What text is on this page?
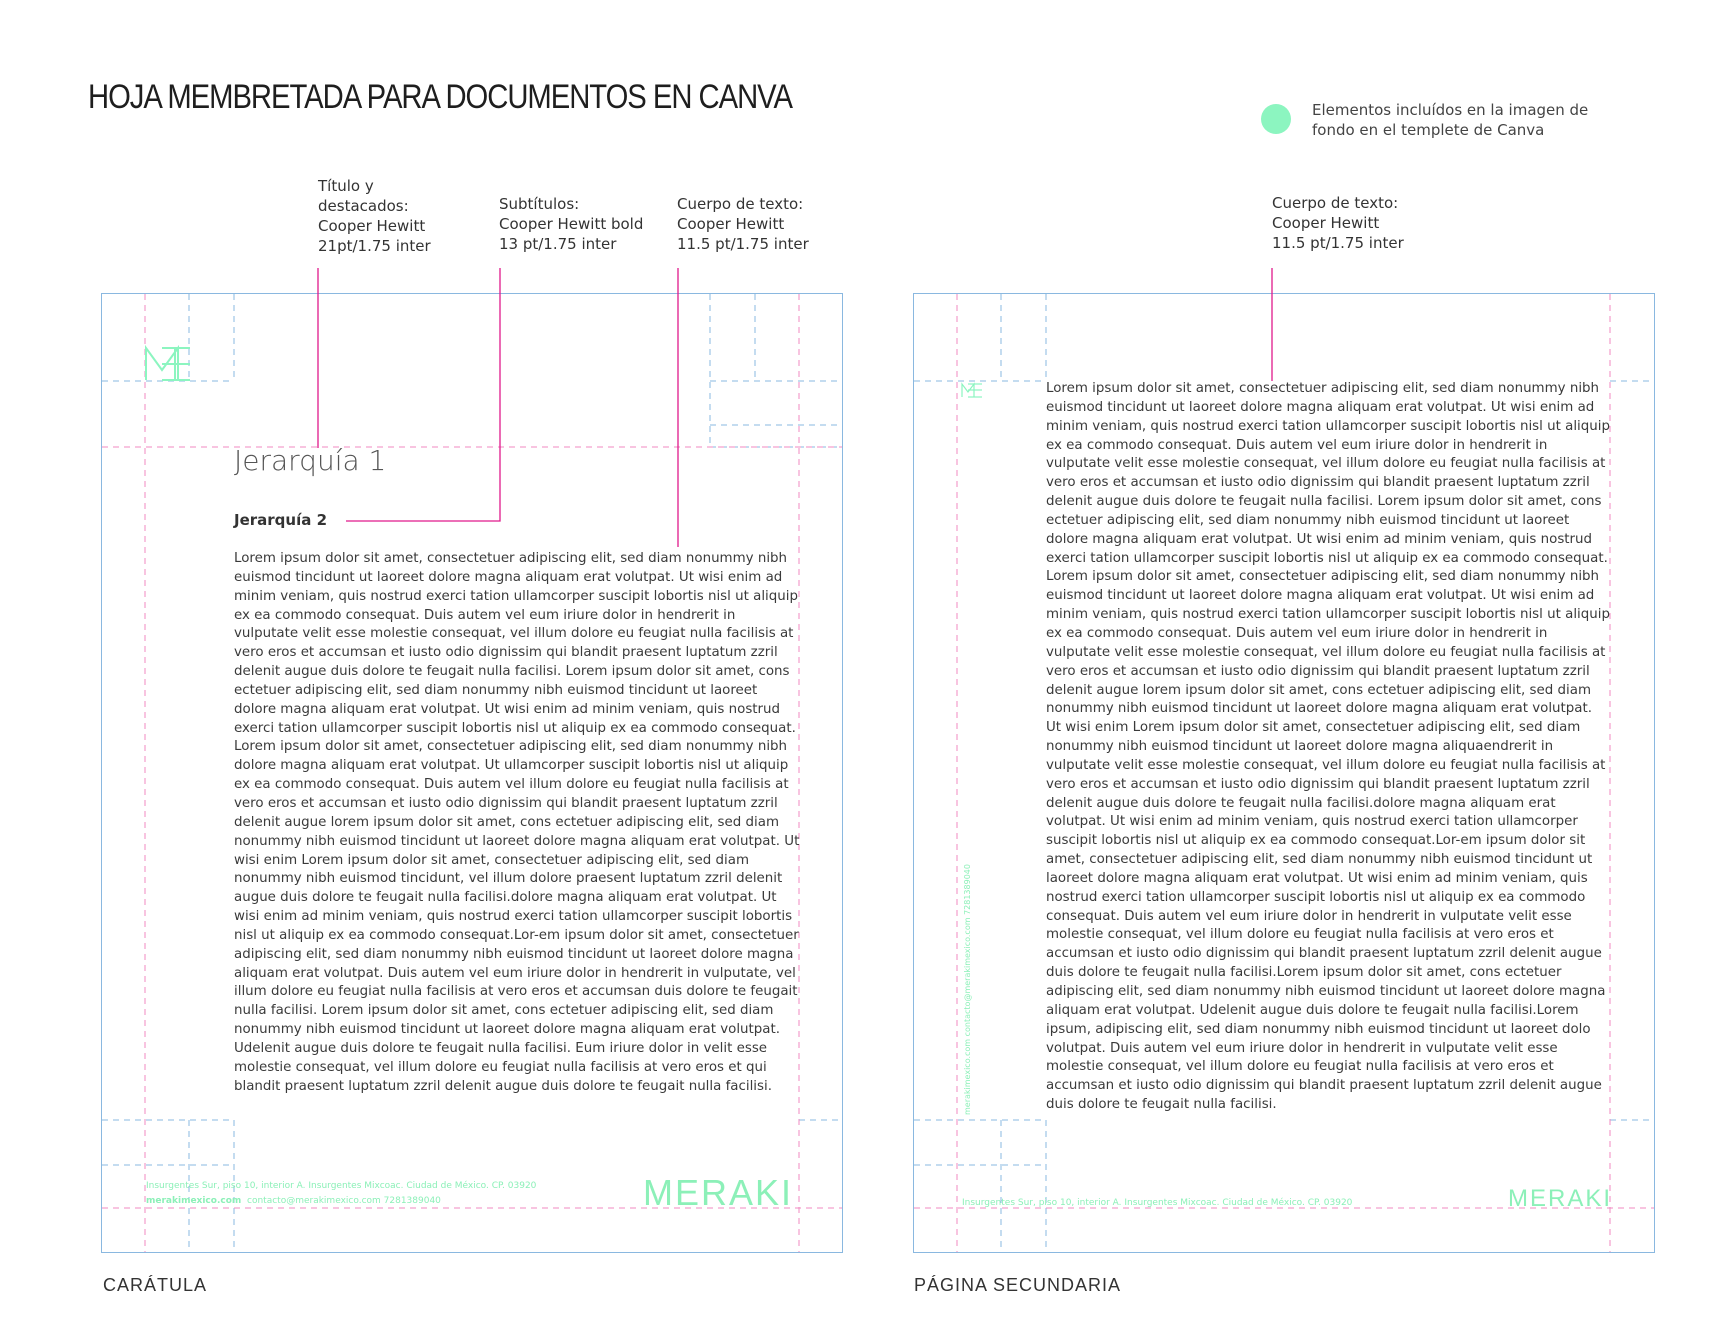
HOJA MEMBRETADA PARA DOCUMENTOS EN CANVA	Elementos incluídos en la imagen de fondo en el templete de Canva
Título y
destacados:
Cooper Hewitt
21pt/1.75 inter
Subtítulos:
Cooper Hewitt bold
13 pt/1.75 inter
Cuerpo de texto:
Cooper Hewitt
11.5 pt/1.75 inter
Cuerpo de texto:
Cooper Hewitt
11.5 pt/1.75 inter
Jerarquía 1
Jerarquía 2
Lorem ipsum dolor sit amet, consectetuer adipiscing elit, sed diam nonummy nibh euismod tincidunt ut laoreet dolore magna aliquam erat volutpat. Ut wisi enim ad minim veniam, quis nostrud exerci tation ullamcorper suscipit lobortis nisl ut aliquip ex ea commodo consequat. Duis autem vel eum iriure dolor in hendrerit in vulputate velit esse molestie consequat, vel illum dolore eu feugiat nulla facilisis at vero eros et accumsan et iusto odio dignissim qui blandit praesent luptatum zzril delenit augue duis dolore te feugait nulla facilisi. Lorem ipsum dolor sit amet, cons ectetuer adipiscing elit, sed diam nonummy nibh euismod tincidunt ut laoreet dolore magna aliquam erat volutpat. Ut wisi enim ad minim veniam, quis nostrud exerci tation ullamcorper suscipit lobortis nisl ut aliquip ex ea commodo consequat. Lorem ipsum dolor sit amet, consectetuer adipiscing elit, sed diam nonummy nibh dolore magna aliquam erat volutpat. Ut ullamcorper suscipit lobortis nisl ut aliquip ex ea commodo consequat. Duis autem vel illum dolore eu feugiat nulla facilisis at vero eros et accumsan et iusto odio dignissim qui blandit praesent luptatum zzril delenit augue lorem ipsum dolor sit amet, cons ectetuer adipiscing elit, sed diam nonummy nibh euismod tincidunt ut laoreet dolore magna aliquam erat volutpat. Ut wisi enim Lorem ipsum dolor sit amet, consectetuer adipiscing elit, sed diam nonummy nibh euismod tincidunt, vel illum dolore praesent luptatum zzril delenit augue duis dolore te feugait nulla facilisi.dolore magna aliquam erat volutpat. Ut wisi enim ad minim veniam, quis nostrud exerci tation ullamcorper suscipit lobortis nisl ut aliquip ex ea commodo consequat.Lor-em ipsum dolor sit amet, consectetuer adipiscing elit, sed diam nonummy nibh euismod tincidunt ut laoreet dolore magna aliquam erat volutpat. Duis autem vel eum iriure dolor in hendrerit in vulputate, vel illum dolore eu feugiat nulla facilisis at vero eros et accumsan duis dolore te feugait nulla facilisi. Lorem ipsum dolor sit amet, cons ectetuer adipiscing elit, sed diam nonummy nibh euismod tincidunt ut laoreet dolore magna aliquam erat volutpat. Udelenit augue duis dolore te feugait nulla facilisi. Eum iriure dolor in velit esse molestie consequat, vel illum dolore eu feugiat nulla facilisis at vero eros et qui blandit praesent luptatum zzril delenit augue duis dolore te feugait nulla facilisi.
Insurgentes Sur, piso 10, interior A. Insurgentes Mixcoac. Ciudad de México. CP. 03920
merakimexico.com contacto@merakimexico.com 7281389040	MERAKI
CARÁTULA
Lorem ipsum dolor sit amet, consectetuer adipiscing elit, sed diam nonummy nibh euismod tincidunt ut laoreet dolore magna aliquam erat volutpat. Ut wisi enim ad minim veniam, quis nostrud exerci tation ullamcorper suscipit lobortis nisl ut aliquip ex ea commodo consequat. Duis autem vel eum iriure dolor in hendrerit in vulputate velit esse molestie consequat, vel illum dolore eu feugiat nulla facilisis at vero eros et accumsan et iusto odio dignissim qui blandit praesent luptatum zzril delenit augue duis dolore te feugait nulla facilisi. Lorem ipsum dolor sit amet, cons ectetuer adipiscing elit, sed diam nonummy nibh euismod tincidunt ut laoreet dolore magna aliquam erat volutpat. Ut wisi enim ad minim veniam, quis nostrud exerci tation ullamcorper suscipit lobortis nisl ut aliquip ex ea commodo consequat. Lorem ipsum dolor sit amet, consectetuer adipiscing elit, sed diam nonummy nibh euismod tincidunt ut laoreet dolore magna aliquam erat volutpat. Ut wisi enim ad minim veniam, quis nostrud exerci tation ullamcorper suscipit lobortis nisl ut aliquip ex ea commodo consequat. Duis autem vel eum iriure dolor in hendrerit in vulputate velit esse molestie consequat, vel illum dolore eu feugiat nulla facilisis at vero eros et accumsan et iusto odio dignissim qui blandit praesent luptatum zzril delenit augue lorem ipsum dolor sit amet, cons ectetuer adipiscing elit, sed diam nonummy nibh euismod tincidunt ut laoreet dolore magna aliquam erat volutpat. Ut wisi enim Lorem ipsum dolor sit amet, consectetuer adipiscing elit, sed diam nonummy nibh euismod tincidunt ut laoreet dolore magna aliquaendrerit in vulputate velit esse molestie consequat, vel illum dolore eu feugiat nulla facilisis at vero eros et accumsan et iusto odio dignissim qui blandit praesent luptatum zzril delenit augue duis dolore te feugait nulla facilisi.dolore magna aliquam erat volutpat. Ut wisi enim ad minim veniam, quis nostrud exerci tation ullamcorper suscipit lobortis nisl ut aliquip ex ea commodo consequat.Lor-em ipsum dolor sit amet, consectetuer adipiscing elit, sed diam nonummy nibh euismod tincidunt ut laoreet dolore magna aliquam erat volutpat. Ut wisi enim ad minim veniam, quis nostrud exerci tation ullamcorper suscipit lobortis nisl ut aliquip ex ea commodo consequat. Duis autem vel eum iriure dolor in hendrerit in vulputate velit esse molestie consequat, vel illum dolore eu feugiat nulla facilisis at vero eros et accumsan et iusto odio dignissim qui blandit praesent luptatum zzril delenit augue duis dolore te feugait nulla facilisi.Lorem ipsum dolor sit amet, cons ectetuer adipiscing elit, sed diam nonummy nibh euismod tincidunt ut laoreet dolore magna aliquam erat volutpat. Udelenit augue duis dolore te feugait nulla facilisi.Lorem ipsum, adipiscing elit, sed diam nonummy nibh euismod tincidunt ut laoreet dolo volutpat. Duis autem vel eum iriure dolor in hendrerit in vulputate velit esse molestie consequat, vel illum dolore eu feugiat nulla facilisis at vero eros et accumsan et iusto odio dignissim qui blandit praesent luptatum zzril delenit augue duis dolore te feugait nulla facilisi.
merakimexico.com contacto@merakimexico.com 7281389040
Insurgentes Sur, piso 10, interior A. Insurgentes Mixcoac. Ciudad de México. CP. 03920	MERAKI
PÁGINA SECUNDARIA
